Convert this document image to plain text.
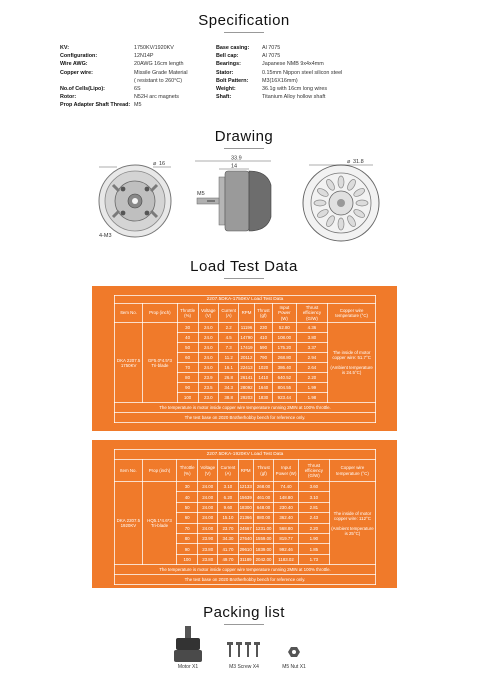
Specification
KV:	1750KV/1920KV	Base casing:	Al 7075
Configuration:	12N14P	Bell cap:	Al 7075
Wire AWG:	20AWG 16cm length	Bearings:	Japanese NMB 9x4x4mm
Copper wire:	Missile Grade Material	Stator:	0.15mm Nippon steel silicon steel
( resistant to 260°C)	Bolt Pattern:	M3(16X16mm)
No.of Cells(Lipo):	6S	Weight:	36.1g with 16cm long wires
Rotor:	N52H arc magnets	Shaft:	Titanium Alloy hollow shaft
Prop Adapter Shaft Thread: M5
Drawing
⌀ 16
4-M3
33.9
14
M5
⌀ 31.8
Load Test Data
2207.5DKA-1750KV Load Test Data									
Item No.	Prop (inch)	Throttle (%)	Voltage (V)	Current (A)	RPM	Thrust (gf)	Input Power (W)	Thrust efficiency (G/W)	Copper wire temperature (°C)
DKA 2207.5 1750KV	GF5.0*4.5*3 Tri-blade	30	24.0	2.2	11196	230	52.80	4.36	The inside of motor copper wire: 51.7°C

(Ambient temperature is 24.5°C)

		40	24.0	4.5	14790	410	108.00	3.80	
		50	24.0	7.3	17419	590	175.20	3.37	
		60	24.0	11.2	20112	790	268.80	2.94	
		70	24.0	16.1	22413	1020	386.40	2.64	
		80	23.9	26.8	26141	1410	640.52	2.20	
		90	23.5	34.3	28092	1640	804.55	1.99	
		100	23.0	38.8	29203	1830	923.44	1.98	
The temperature is motor inside copper wire temperature running 2MIN at 100% throttle.									
The test base on 2020 Brotherhobby bench for reference only.									
2207.5DKA-1920KV Load Test Data									
Item No.	Prop (inch)	Throttle (%)	Voltage (V)	Current (A)	RPM	Thrust (gf)	Input Power (W)	Thrust efficiency (G/W)	Copper wire temperature (°C)
DKA 2207.5 1920KV	HQ5.1*4.6*3 Tri-blade	30	24.00	3.10	12133	268.00	74.40	3.60	The inside of motor copper wire: 112°C

(Ambient temperature is 25°C)

		40	24.00	6.20	15639	461.00	148.80	3.10	
		50	24.00	9.60	18300	648.00	230.40	2.81	
		60	24.00	15.10	21366	880.00	362.40	2.43	
		70	24.00	23.70	24567	1231.00	568.80	2.20	
		80	23.90	34.30	27640	1559.00	819.77	1.90	
		90	23.80	41.70	29610	1839.00	992.46	1.85	
		100	23.80	49.70	31189	2042.00	1183.02	1.73	
The temperature is motor inside copper wire temperature running 2MIN at 100% throttle.									
The test base on 2020 Brotherhobby bench for reference only.									
Packing list
Motor X1	M3 Screw X4	M5 Nut X1
